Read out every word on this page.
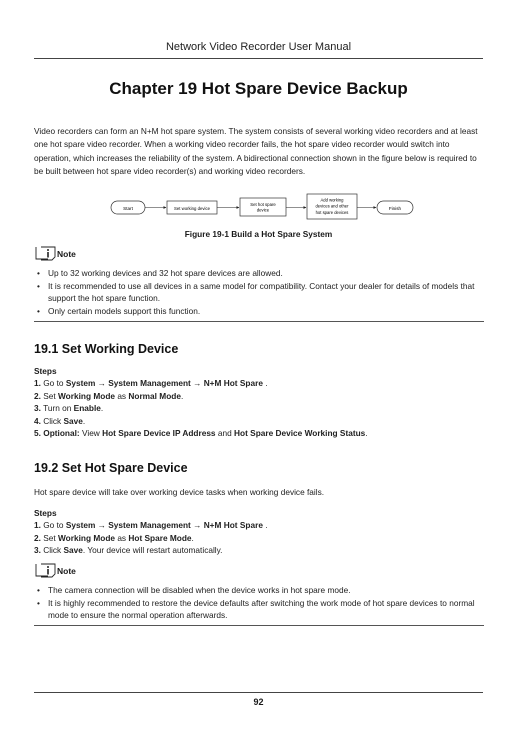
Network Video Recorder User Manual
Chapter 19 Hot Spare Device Backup
Video recorders can form an N+M hot spare system. The system consists of several working video recorders and at least one hot spare video recorder. When a working video recorder fails, the hot spare video recorder would switch into operation, which increases the reliability of the system. A bidirectional connection shown in the figure below is required to be built between hot spare video recorder(s) and working video recorders.
Start	Set working device
Set hot spare
device
Add working
devices and other
hot spare devices
Finish
Figure 19-1 Build a Hot Spare System
Note
• Up to 32 working devices and 32 hot spare devices are allowed.
• It is recommended to use all devices in a same model for compatibility. Contact your dealer for details of models that support the hot spare function.
• Only certain models support this function.
19.1 Set Working Device
Steps
1. Go to System → System Management → N+M Hot Spare .
2. Set Working Mode as Normal Mode.
3. Turn on Enable.
4. Click Save.
5. Optional: View Hot Spare Device IP Address and Hot Spare Device Working Status.
19.2 Set Hot Spare Device
Hot spare device will take over working device tasks when working device fails.
Steps
1. Go to System → System Management → N+M Hot Spare .
2. Set Working Mode as Hot Spare Mode.
3. Click Save. Your device will restart automatically.
Note
• The camera connection will be disabled when the device works in hot spare mode.
• It is highly recommended to restore the device defaults after switching the work mode of hot spare devices to normal mode to ensure the normal operation afterwards.
92
